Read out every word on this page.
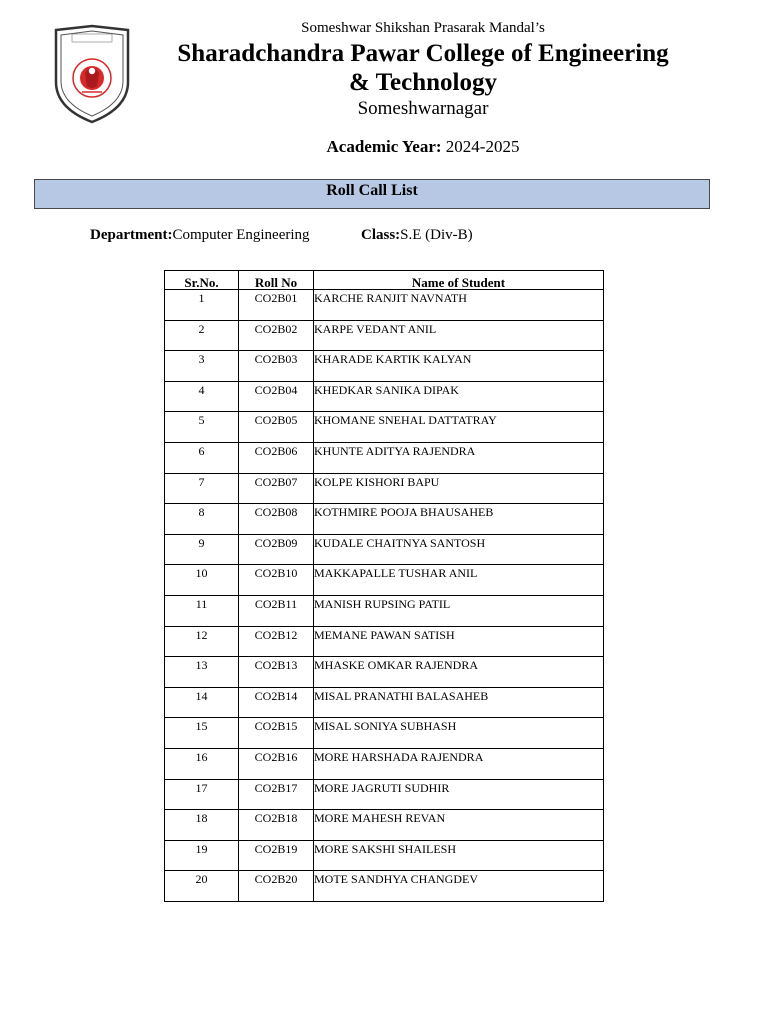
Someshwar Shikshan Prasarak Mandal’s
Sharadchandra Pawar College of Engineering
& Technology
Someshwarnagar
Academic Year: 2024-2025
Roll Call List
Department:Computer Engineering	Class:S.E (Div-B)
Sr.No.	Roll No	Name of Student
1	CO2B01	KARCHE RANJIT NAVNATH
2	CO2B02	KARPE VEDANT ANIL
3	CO2B03	KHARADE KARTIK KALYAN
4	CO2B04	KHEDKAR SANIKA DIPAK
5	CO2B05	KHOMANE SNEHAL DATTATRAY
6	CO2B06	KHUNTE ADITYA RAJENDRA
7	CO2B07	KOLPE KISHORI BAPU
8	CO2B08	KOTHMIRE POOJA BHAUSAHEB
9	CO2B09	KUDALE CHAITNYA SANTOSH
10	CO2B10	MAKKAPALLE TUSHAR ANIL
11	CO2B11	MANISH RUPSING PATIL
12	CO2B12	MEMANE PAWAN SATISH
13	CO2B13	MHASKE OMKAR RAJENDRA
14	CO2B14	MISAL PRANATHI BALASAHEB
15	CO2B15	MISAL SONIYA SUBHASH
16	CO2B16	MORE HARSHADA RAJENDRA
17	CO2B17	MORE JAGRUTI SUDHIR
18	CO2B18	MORE MAHESH REVAN
19	CO2B19	MORE SAKSHI SHAILESH
20	CO2B20	MOTE SANDHYA CHANGDEV
